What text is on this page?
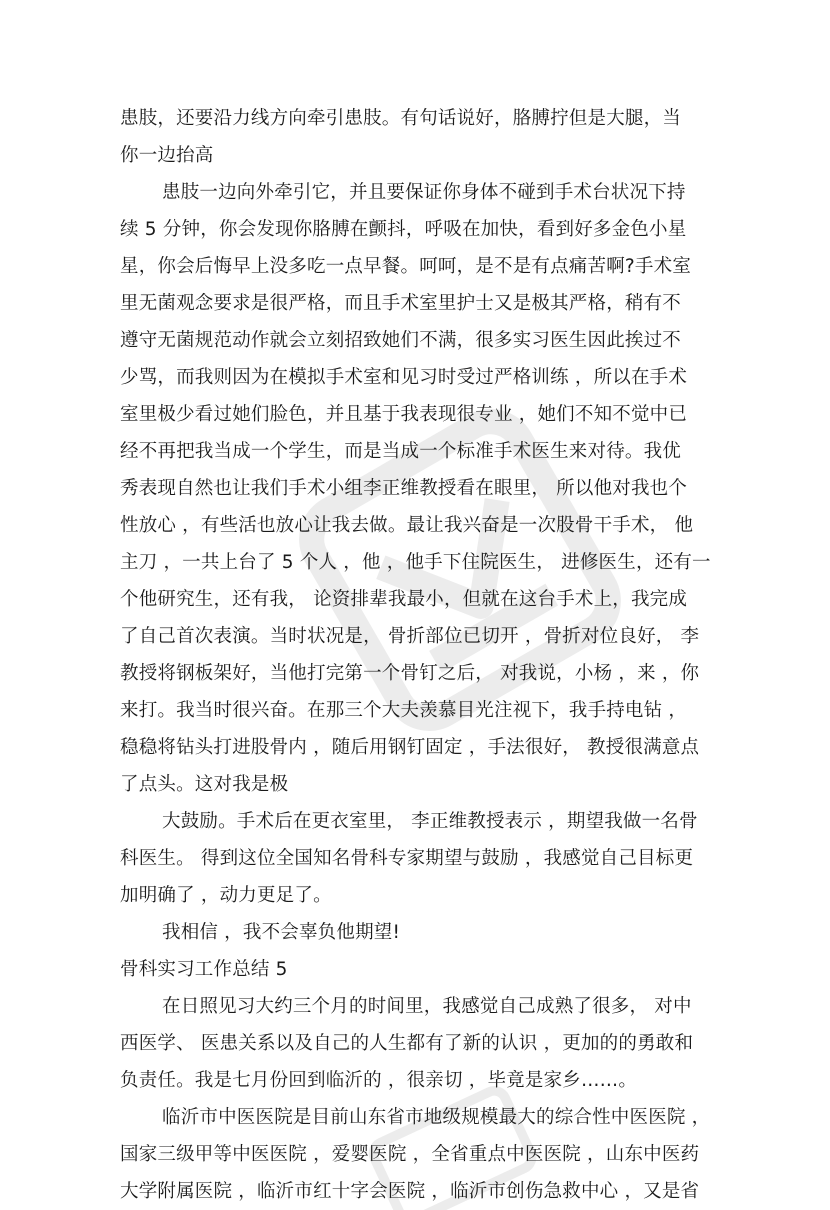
患肢，还要沿力线方向牵引患肢。有句话说好，胳膊拧但是大腿，当
你一边抬高
患肢一边向外牵引它，并且要保证你身体不碰到手术台状况下持
续 5 分钟，你会发现你胳膊在颤抖，呼吸在加快，看到好多金色小星
星，你会后悔早上没多吃一点早餐。呵呵，是不是有点痛苦啊?手术室
里无菌观念要求是很严格，而且手术室里护士又是极其严格，稍有不
遵守无菌规范动作就会立刻招致她们不满，很多实习医生因此挨过不
少骂，而我则因为在模拟手术室和见习时受过严格训练 ，所以在手术
室里极少看过她们脸色，并且基于我表现很专业 ，她们不知不觉中已
经不再把我当成一个学生，而是当成一个标准手术医生来对待。我优
秀表现自然也让我们手术小组李正维教授看在眼里， 所以他对我也个
性放心 ，有些活也放心让我去做。最让我兴奋是一次股骨干手术， 他
主刀 ，一共上台了 5 个人 ，他 ，他手下住院医生， 进修医生，还有一
个他研究生，还有我， 论资排辈我最小，但就在这台手术上，我完成
了自己首次表演。当时状况是， 骨折部位已切开 ，骨折对位良好， 李
教授将钢板架好，当他打完第一个骨钉之后， 对我说，小杨 ，来 ，你
来打。我当时很兴奋。在那三个大夫羡慕目光注视下，我手持电钻 ，
稳稳将钻头打进股骨内 ，随后用钢钉固定 ，手法很好， 教授很满意点
了点头。这对我是极
大鼓励。手术后在更衣室里， 李正维教授表示 ，期望我做一名骨
科医生。 得到这位全国知名骨科专家期望与鼓励 ，我感觉自己目标更
加明确了 ，动力更足了。
我相信 ，我不会辜负他期望!
骨科实习工作总结 5
在日照见习大约三个月的时间里，我感觉自己成熟了很多， 对中
西医学、 医患关系以及自己的人生都有了新的认识 ，更加的的勇敢和
负责任。我是七月份回到临沂的 ，很亲切 ，毕竟是家乡……。
临沂市中医医院是目前山东省市地级规模最大的综合性中医医院 ，
国家三级甲等中医医院 ，爱婴医院 ，全省重点中医医院 ，山东中医药
大学附属医院 ，临沂市红十字会医院 ，临沂市创伤急救中心 ，又是省
